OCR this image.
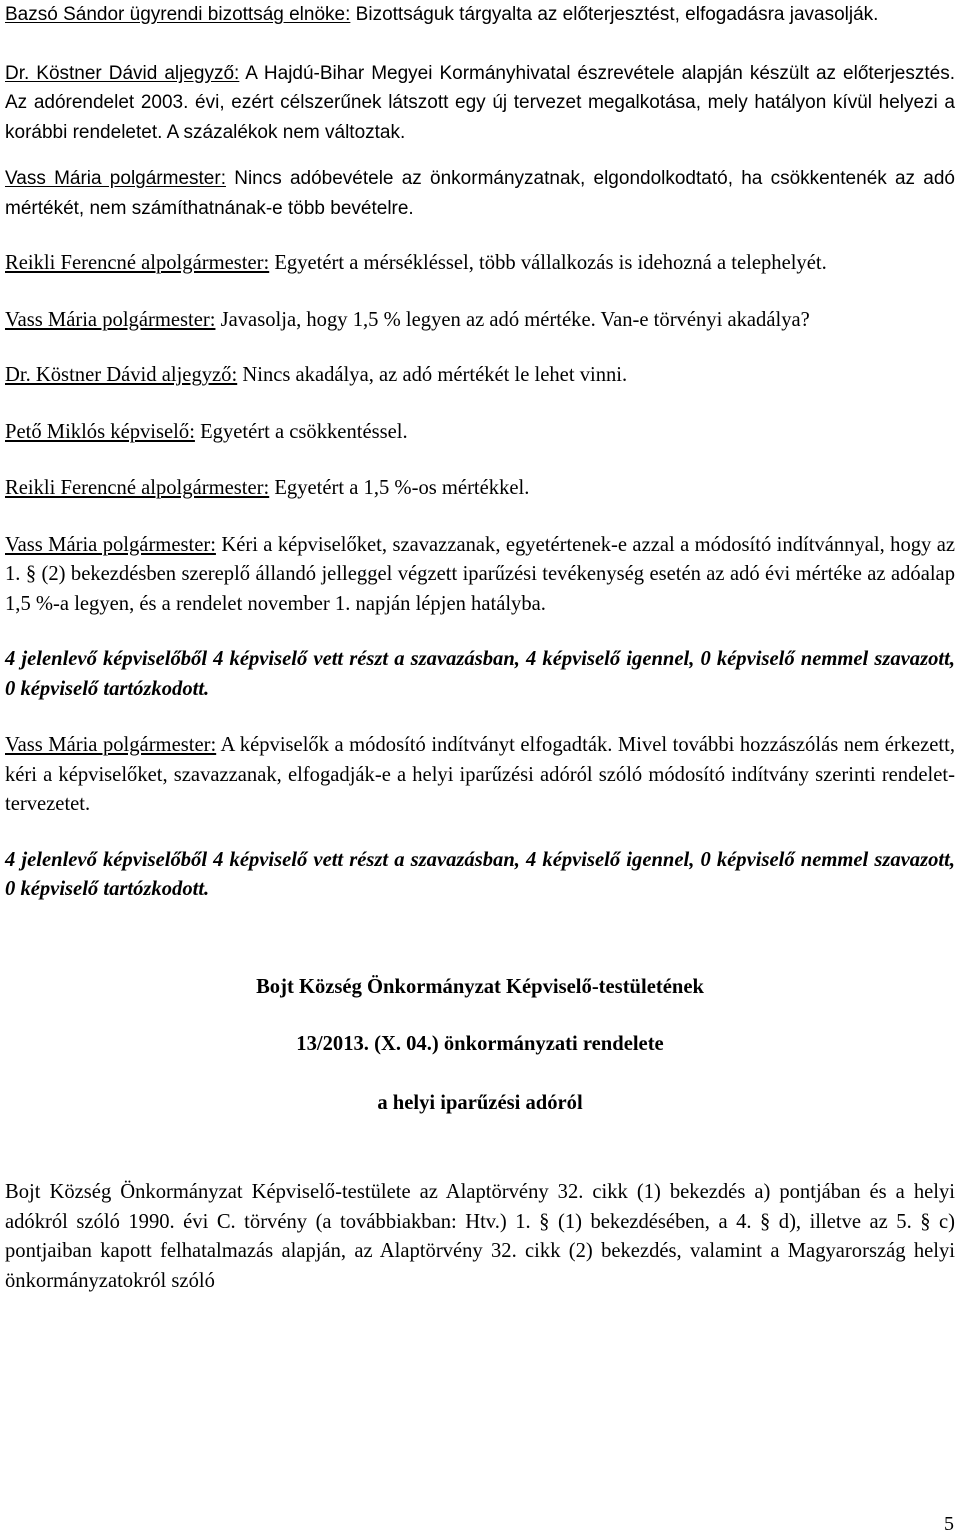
Bazsó Sándor ügyrendi bizottság elnöke: Bizottságuk tárgyalta az előterjesztést, elfogadásra javasolják.

Dr. Köstner Dávid aljegyző: A Hajdú-Bihar Megyei Kormányhivatal észrevétele alapján készült az előterjesztés. Az adórendelet 2003. évi, ezért célszerűnek látszott egy új tervezet megalkotása, mely hatályon kívül helyezi a korábbi rendeletet. A százalékok nem változtak.

Vass Mária polgármester: Nincs adóbevétele az önkormányzatnak, elgondolkodtató, ha csökkentenék az adó mértékét, nem számíthatnának-e több bevételre.

Reikli Ferencné alpolgármester: Egyetért a mérsékléssel, több vállalkozás is idehozná a telephelyét.

Vass Mária polgármester: Javasolja, hogy 1,5 % legyen az adó mértéke. Van-e törvényi akadálya?

Dr. Köstner Dávid aljegyző: Nincs akadálya, az adó mértékét le lehet vinni.

Pető Miklós képviselő: Egyetért a csökkentéssel.

Reikli Ferencné alpolgármester: Egyetért a 1,5 %-os mértékkel.

Vass Mária polgármester: Kéri a képviselőket, szavazzanak, egyetértenek-e azzal a módosító indítvánnyal, hogy az 1. § (2) bekezdésben szereplő állandó jelleggel végzett iparűzési tevékenység esetén az adó évi mértéke az adóalap 1,5 %-a legyen, és a rendelet november 1. napján lépjen hatályba.

4 jelenlevő képviselőből 4 képviselő vett részt a szavazásban, 4 képviselő igennel, 0 képviselő nemmel szavazott, 0 képviselő tartózkodott.

Vass Mária polgármester: A képviselők a módosító indítványt elfogadták. Mivel további hozzászólás nem érkezett, kéri a képviselőket, szavazzanak, elfogadják-e a helyi iparűzési adóról szóló módosító indítvány szerinti rendelet-tervezetet.

4 jelenlevő képviselőből 4 képviselő vett részt a szavazásban, 4 képviselő igennel, 0 képviselő nemmel szavazott, 0 képviselő tartózkodott.

Bojt Község Önkormányzat Képviselő-testületének

13/2013. (X. 04.) önkormányzati rendelete

a helyi iparűzési adóról

Bojt Község Önkormányzat Képviselő-testülete az Alaptörvény 32. cikk (1) bekezdés a) pontjában és a helyi adókról szóló 1990. évi C. törvény (a továbbiakban: Htv.) 1. § (1) bekezdésében, a 4. § d), illetve az 5. § c) pontjaiban kapott felhatalmazás alapján, az Alaptörvény 32. cikk (2) bekezdés, valamint a Magyarország helyi önkormányzatokról szóló

5
